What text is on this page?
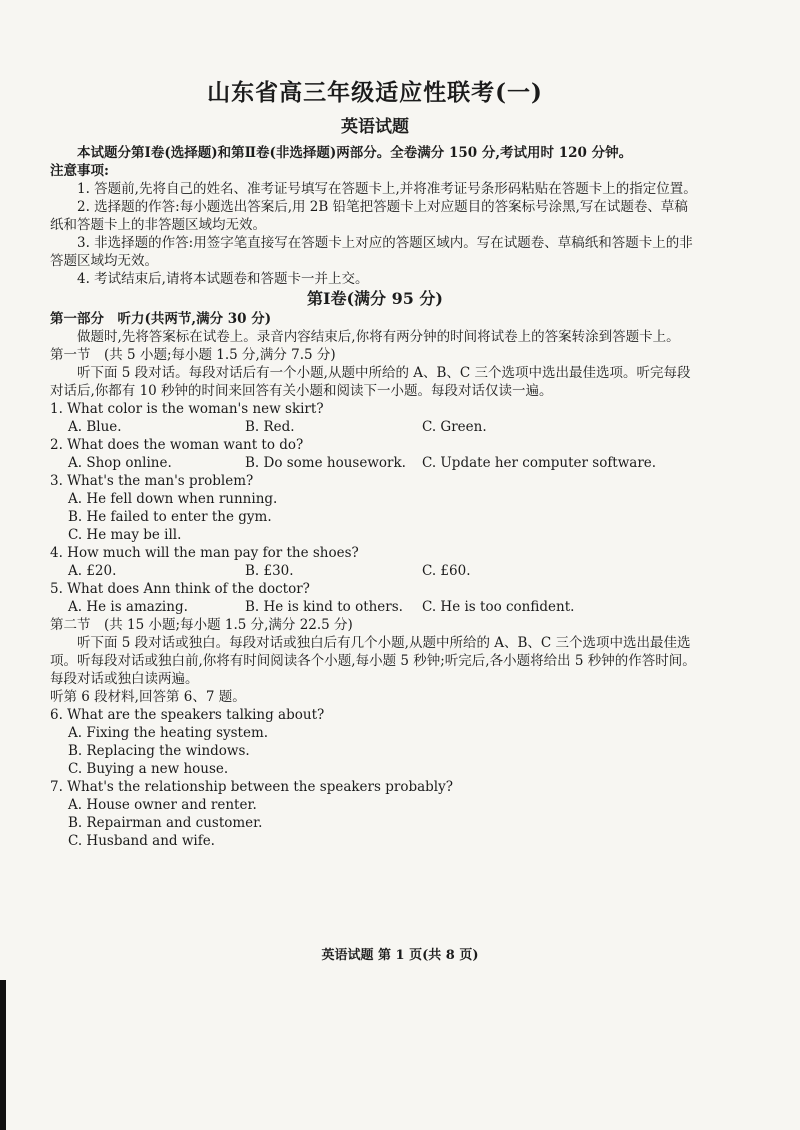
山东省高三年级适应性联考(一)
英语试题

本试题分第Ⅰ卷(选择题)和第Ⅱ卷(非选择题)两部分。全卷满分 150 分,考试用时 120 分钟。

注意事项:

1. 答题前,先将自己的姓名、准考证号填写在答题卡上,并将准考证号条形码粘贴在答题卡上的指定位置。

2. 选择题的作答:每小题选出答案后,用 2B 铅笔把答题卡上对应题目的答案标号涂黑,写在试题卷、草稿纸和答题卡上的非答题区域均无效。

3. 非选择题的作答:用签字笔直接写在答题卡上对应的答题区域内。写在试题卷、草稿纸和答题卡上的非答题区域均无效。

4. 考试结束后,请将本试题卷和答题卡一并上交。

第Ⅰ卷(满分 95 分)

第一部分　听力(共两节,满分 30 分)

做题时,先将答案标在试卷上。录音内容结束后,你将有两分钟的时间将试卷上的答案转涂到答题卡上。

第一节　(共 5 小题;每小题 1.5 分,满分 7.5 分)

听下面 5 段对话。每段对话后有一个小题,从题中所给的 A、B、C 三个选项中选出最佳选项。听完每段对话后,你都有 10 秒钟的时间来回答有关小题和阅读下一小题。每段对话仅读一遍。

1. What color is the woman's new skirt?

A. Blue.	B. Red.	C. Green.

2. What does the woman want to do?

A. Shop online.	B. Do some housework.	C. Update her computer software.

3. What's the man's problem?

A. He fell down when running.

B. He failed to enter the gym.

C. He may be ill.

4. How much will the man pay for the shoes?

A. £20.	B. £30.	C. £60.

5. What does Ann think of the doctor?

A. He is amazing.	B. He is kind to others.	C. He is too confident.

第二节　(共 15 小题;每小题 1.5 分,满分 22.5 分)

听下面 5 段对话或独白。每段对话或独白后有几个小题,从题中所给的 A、B、C 三个选项中选出最佳选项。听每段对话或独白前,你将有时间阅读各个小题,每小题 5 秒钟;听完后,各小题将给出 5 秒钟的作答时间。每段对话或独白读两遍。

听第 6 段材料,回答第 6、7 题。

6. What are the speakers talking about?

A. Fixing the heating system.

B. Replacing the windows.

C. Buying a new house.

7. What's the relationship between the speakers probably?

A. House owner and renter.

B. Repairman and customer.

C. Husband and wife.

英语试题 第 1 页(共 8 页)
